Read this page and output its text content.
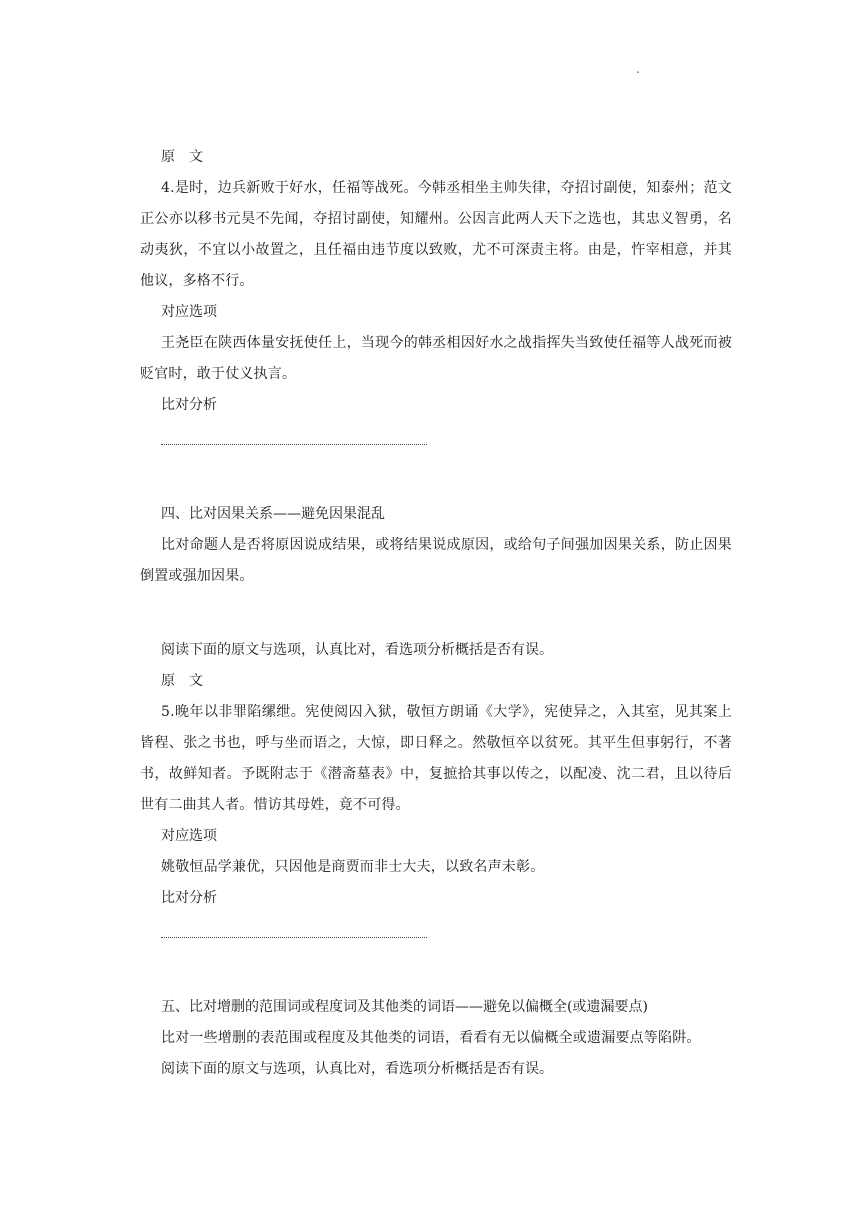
.

原　文

4.是时，边兵新败于好水，任福等战死。今韩丞相坐主帅失律，夺招讨副使，知泰州；范文正公亦以移书元昊不先闻，夺招讨副使，知耀州。公因言此两人天下之选也，其忠义智勇，名动夷狄，不宜以小故置之，且任福由违节度以致败，尤不可深责主将。由是，忤宰相意，并其他议，多格不行。

对应选项

王尧臣在陕西体量安抚使任上，当现今的韩丞相因好水之战指挥失当致使任福等人战死而被贬官时，敢于仗义执言。

比对分析

四、比对因果关系——避免因果混乱

比对命题人是否将原因说成结果，或将结果说成原因，或给句子间强加因果关系，防止因果倒置或强加因果。

阅读下面的原文与选项，认真比对，看选项分析概括是否有误。

原　文

5.晚年以非罪陷缧绁。宪使阅囚入狱，敬恒方朗诵《大学》，宪使异之，入其室，见其案上皆程、张之书也，呼与坐而语之，大惊，即日释之。然敬恒卒以贫死。其平生但事躬行，不著书，故鲜知者。予既附志于《潜斋墓表》中，复摭拾其事以传之，以配凌、沈二君，且以待后世有二曲其人者。惜访其母姓，竟不可得。

对应选项

姚敬恒品学兼优，只因他是商贾而非士大夫，以致名声未彰。

比对分析

五、比对增删的范围词或程度词及其他类的词语——避免以偏概全(或遗漏要点)

比对一些增删的表范围或程度及其他类的词语，看看有无以偏概全或遗漏要点等陷阱。

阅读下面的原文与选项，认真比对，看选项分析概括是否有误。
